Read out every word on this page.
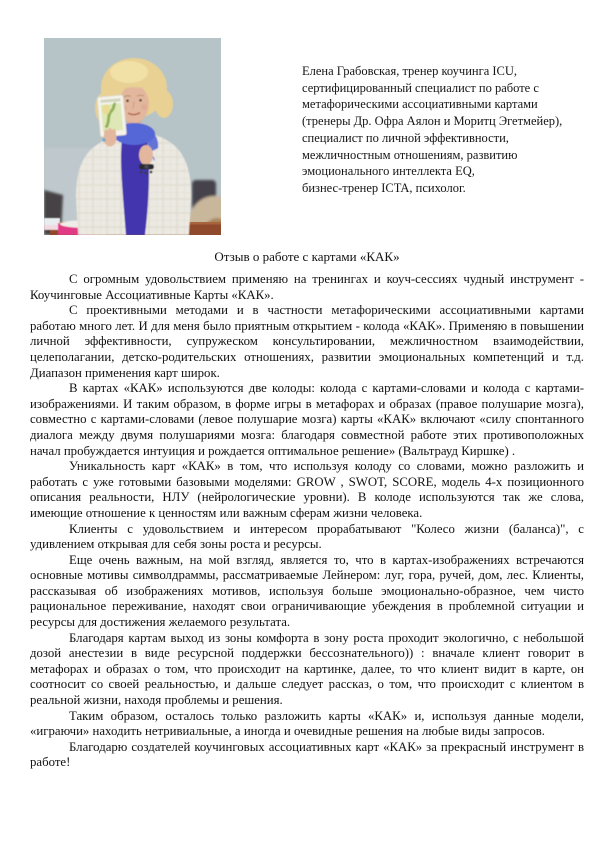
Елена Грабовская, тренер коучинга ICU,
сертифицированный специалист по работе с
метафорическими ассоциативными картами
(тренеры Др. Офра Аялон и Моритц Эгетмейер),
специалист по личной эффективности,
межличностным отношениям, развитию
эмоционального интеллекта EQ,
бизнес-тренер ICTA, психолог.
Отзыв о работе с картами «КАК»

С огромным удовольствием применяю на тренингах и коуч-сессиях чудный инструмент - Коучинговые Ассоциативные Карты «КАК».

С проективными методами и в частности метафорическими ассоциативными картами работаю много лет. И для меня было приятным открытием - колода «КАК». Применяю в повышении личной эффективности, супружеском консультировании, межличностном взаимодействии, целеполагании, детско-родительских отношениях, развитии эмоциональных компетенций и т.д. Диапазон применения карт широк.

В картах «КАК» используются две колоды: колода с картами-словами и колода с картами-изображениями. И таким образом, в форме игры в метафорах и образах (правое полушарие мозга), совместно с картами-словами (левое полушарие мозга) карты «КАК» включают «силу спонтанного диалога между двумя полушариями мозга: благодаря совместной работе этих противоположных начал пробуждается интуиция и рождается оптимальное решение» (Вальтрауд Киршке) .

Уникальность карт «КАК» в том, что используя колоду со словами, можно разложить и работать с уже готовыми базовыми моделями: GROW , SWOT, SCORE, модель 4-х позиционного описания реальности, НЛУ (нейрологические уровни). В колоде используются так же слова, имеющие отношение к ценностям или важным сферам жизни человека.

Клиенты с удовольствием и интересом прорабатывают "Колесо жизни (баланса)", с удивлением открывая для себя зоны роста и ресурсы.

Еще очень важным, на мой взгляд, является то, что в картах-изображениях встречаются основные мотивы символдраммы, рассматриваемые Лейнером: луг, гора, ручей, дом, лес. Клиенты, рассказывая об изображениях мотивов, используя больше эмоционально-образное, чем чисто рациональное переживание, находят свои ограничивающие убеждения в проблемной ситуации и ресурсы для достижения желаемого результата.

Благодаря картам выход из зоны комфорта в зону роста проходит экологично, с небольшой дозой анестезии в виде ресурсной поддержки бессознательного)) : вначале клиент говорит в метафорах и образах о том, что происходит на картинке, далее, то что клиент видит в карте, он соотносит со своей реальностью, и дальше следует рассказ, о том, что происходит с клиентом в реальной жизни, находя проблемы и решения.

Таким образом, осталось только разложить карты «КАК» и, используя данные модели, «играючи» находить нетривиальные, а иногда и очевидные решения на любые виды запросов.

Благодарю создателей коучинговых ассоциативных карт «КАК» за прекрасный инструмент в работе!
